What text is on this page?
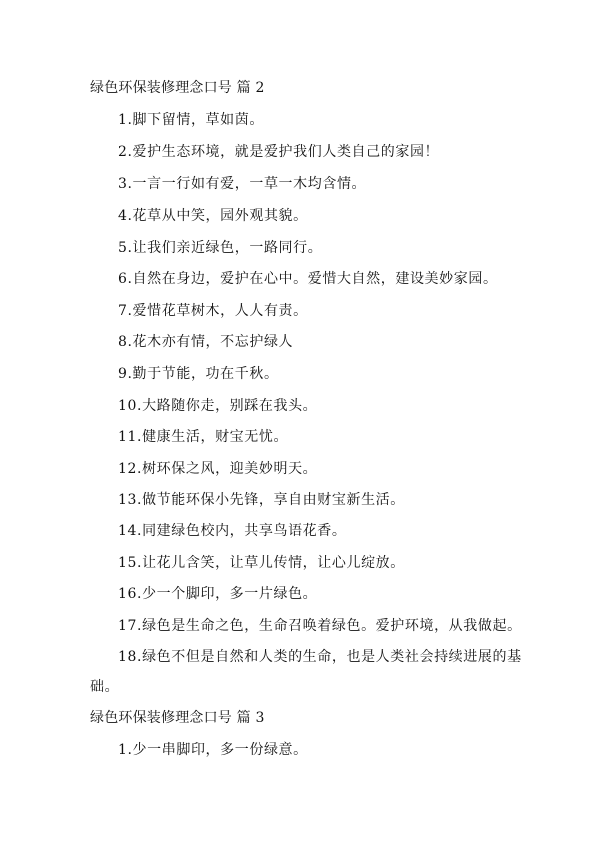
绿色环保装修理念口号 篇 2
1.脚下留情，草如茵。
2.爱护生态环境，就是爱护我们人类自己的家园！
3.一言一行如有爱，一草一木均含情。
4.花草从中笑，园外观其貌。
5.让我们亲近绿色，一路同行。
6.自然在身边，爱护在心中。爱惜大自然，建设美妙家园。
7.爱惜花草树木，人人有责。
8.花木亦有情，不忘护绿人
9.勤于节能，功在千秋。
10.大路随你走，别踩在我头。
11.健康生活，财宝无忧。
12.树环保之风，迎美妙明天。
13.做节能环保小先锋，享自由财宝新生活。
14.同建绿色校内，共享鸟语花香。
15.让花儿含笑，让草儿传情，让心儿绽放。
16.少一个脚印，多一片绿色。
17.绿色是生命之色，生命召唤着绿色。爱护环境，从我做起。
18.绿色不但是自然和人类的生命，也是人类社会持续进展的基
础。
绿色环保装修理念口号 篇 3
1.少一串脚印，多一份绿意。
